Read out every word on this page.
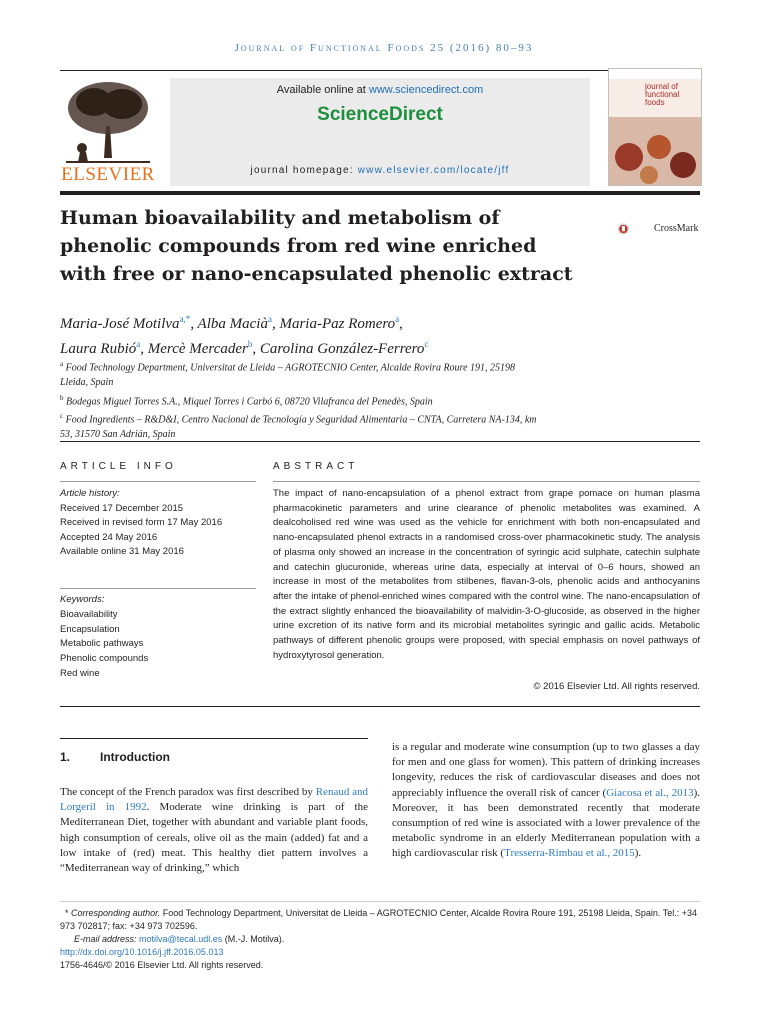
Journal of Functional Foods 25 (2016) 80–93
ELSEVIER
Available online at www.sciencedirect.com
ScienceDirect
journal homepage: www.elsevier.com/locate/jff
journal of functional foods
Human bioavailability and metabolism of phenolic compounds from red wine enriched with free or nano-encapsulated phenolic extract
CrossMark
Maria-José Motilva$^{a,*}$, Alba Macià$^a$, Maria-Paz Romero$^a$,
Laura Rubió$^a$, Mercè Mercader$^b$, Carolina González-Ferrero$^c$
$^a$ Food Technology Department, Universitat de Lleida – AGROTECNIO Center, Alcalde Rovira Roure 191, 25198 Lleida, Spain
$^b$ Bodegas Miguel Torres S.A., Miquel Torres i Carbó 6, 08720 Vilafranca del Penedès, Spain
$^c$ Food Ingredients – R&D&I, Centro Nacional de Tecnología y Seguridad Alimentaria – CNTA, Carretera NA-134, km 53, 31570 San Adrián, Spain
ARTICLE INFO	ABSTRACT
Article history:
Received 17 December 2015
Received in revised form 17 May 2016
Accepted 24 May 2016
Available online 31 May 2016
Keywords:
Bioavailability
Encapsulation
Metabolic pathways
Phenolic compounds
Red wine
The impact of nano-encapsulation of a phenol extract from grape pomace on human plasma pharmacokinetic parameters and urine clearance of phenolic metabolites was examined. A dealcoholised red wine was used as the vehicle for enrichment with both non-encapsulated and nano-encapsulated phenol extracts in a randomised cross-over pharmacokinetic study. The analysis of plasma only showed an increase in the concentration of syringic acid sulphate, catechin sulphate and catechin glucuronide, whereas urine data, especially at interval of 0–6 hours, showed an increase in most of the metabolites from stilbenes, flavan-3-ols, phenolic acids and anthocyanins after the intake of phenol-enriched wines compared with the control wine. The nano-encapsulation of the extract slightly enhanced the bioavailability of malvidin-3-O-glucoside, as observed in the higher urine excretion of its native form and its microbial metabolites syringic and gallic acids. Metabolic pathways of different phenolic groups were proposed, with special emphasis on novel pathways of hydroxytyrosol generation.
© 2016 Elsevier Ltd. All rights reserved.
1. Introduction
The concept of the French paradox was first described by Renaud and Lorgeril in 1992. Moderate wine drinking is part of the Mediterranean Diet, together with abundant and variable plant foods, high consumption of cereals, olive oil as the main (added) fat and a low intake of (red) meat. This healthy diet pattern involves a “Mediterranean way of drinking,” which
is a regular and moderate wine consumption (up to two glasses a day for men and one glass for women). This pattern of drinking increases longevity, reduces the risk of cardiovascular diseases and does not appreciably influence the overall risk of cancer (Giacosa et al., 2013). Moreover, it has been demonstrated recently that moderate consumption of red wine is associated with a lower prevalence of the metabolic syndrome in an elderly Mediterranean population with a high cardiovascular risk (Tresserra-Rimbau et al., 2015).
* Corresponding author. Food Technology Department, Universitat de Lleida – AGROTECNIO Center, Alcalde Rovira Roure 191, 25198 Lleida, Spain. Tel.: +34 973 702817; fax: +34 973 702596.
E-mail address: motilva@tecal.udl.es (M.-J. Motilva).
http://dx.doi.org/10.1016/j.jff.2016.05.013
1756-4646/© 2016 Elsevier Ltd. All rights reserved.
